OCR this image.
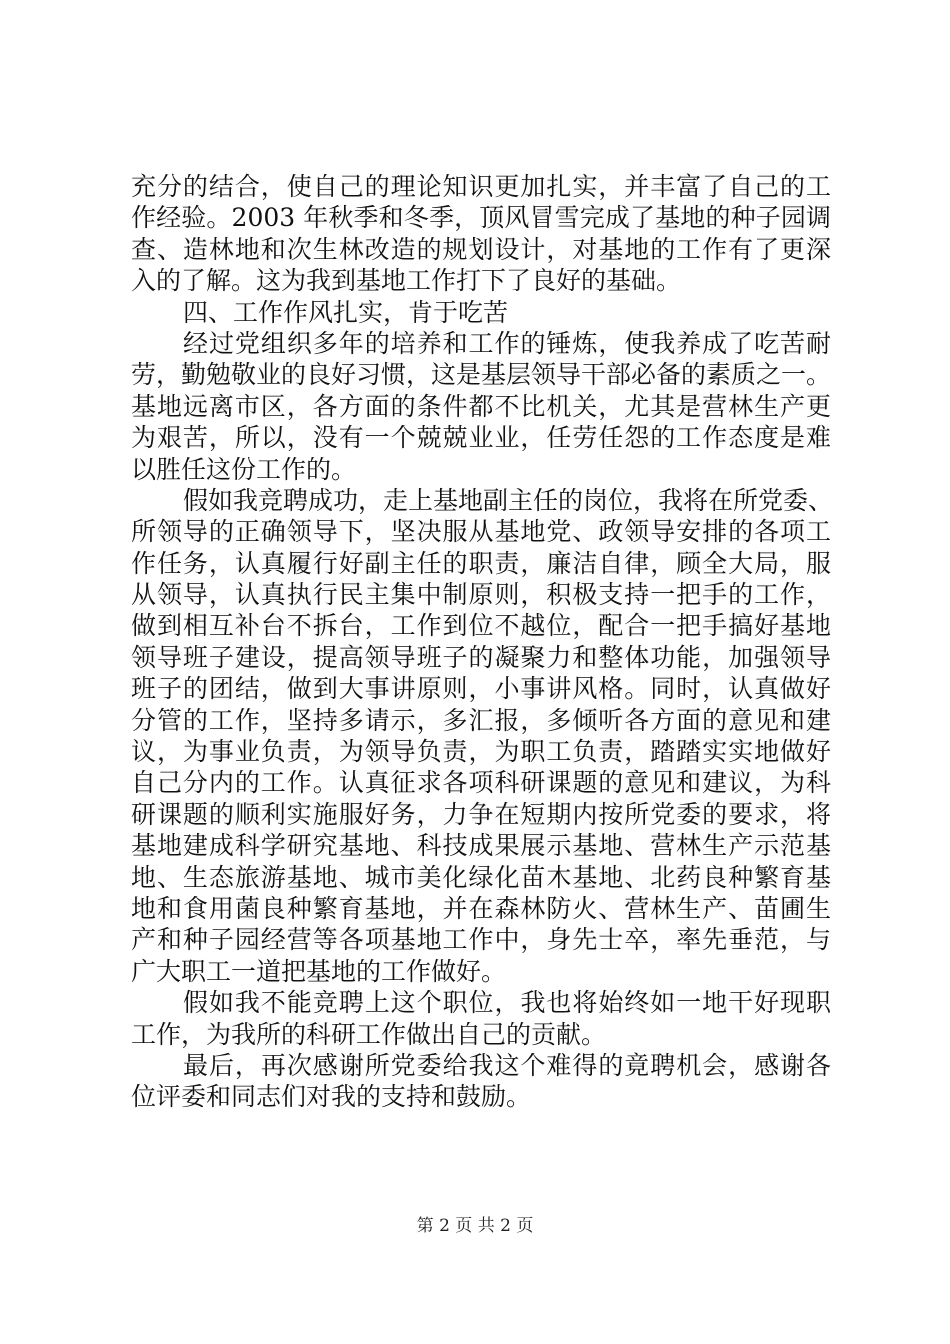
充分的结合，使自己的理论知识更加扎实，并丰富了自己的工
作经验。2003 年秋季和冬季，顶风冒雪完成了基地的种子园调
查、造林地和次生林改造的规划设计，对基地的工作有了更深
入的了解。这为我到基地工作打下了良好的基础。
四、工作作风扎实，肯于吃苦
经过党组织多年的培养和工作的锤炼，使我养成了吃苦耐
劳，勤勉敬业的良好习惯，这是基层领导干部必备的素质之一。
基地远离市区，各方面的条件都不比机关，尤其是营林生产更
为艰苦，所以，没有一个兢兢业业，任劳任怨的工作态度是难
以胜任这份工作的。
假如我竞聘成功，走上基地副主任的岗位，我将在所党委、
所领导的正确领导下，坚决服从基地党、政领导安排的各项工
作任务，认真履行好副主任的职责，廉洁自律，顾全大局，服
从领导，认真执行民主集中制原则，积极支持一把手的工作，
做到相互补台不拆台，工作到位不越位，配合一把手搞好基地
领导班子建设，提高领导班子的凝聚力和整体功能，加强领导
班子的团结，做到大事讲原则，小事讲风格。同时，认真做好
分管的工作，坚持多请示，多汇报，多倾听各方面的意见和建
议，为事业负责，为领导负责，为职工负责，踏踏实实地做好
自己分内的工作。认真征求各项科研课题的意见和建议，为科
研课题的顺利实施服好务，力争在短期内按所党委的要求，将
基地建成科学研究基地、科技成果展示基地、营林生产示范基
地、生态旅游基地、城市美化绿化苗木基地、北药良种繁育基
地和食用菌良种繁育基地，并在森林防火、营林生产、苗圃生
产和种子园经营等各项基地工作中，身先士卒，率先垂范，与
广大职工一道把基地的工作做好。
假如我不能竞聘上这个职位，我也将始终如一地干好现职
工作，为我所的科研工作做出自己的贡献。
最后，再次感谢所党委给我这个难得的竟聘机会，感谢各
位评委和同志们对我的支持和鼓励。
第 2 页 共 2 页
